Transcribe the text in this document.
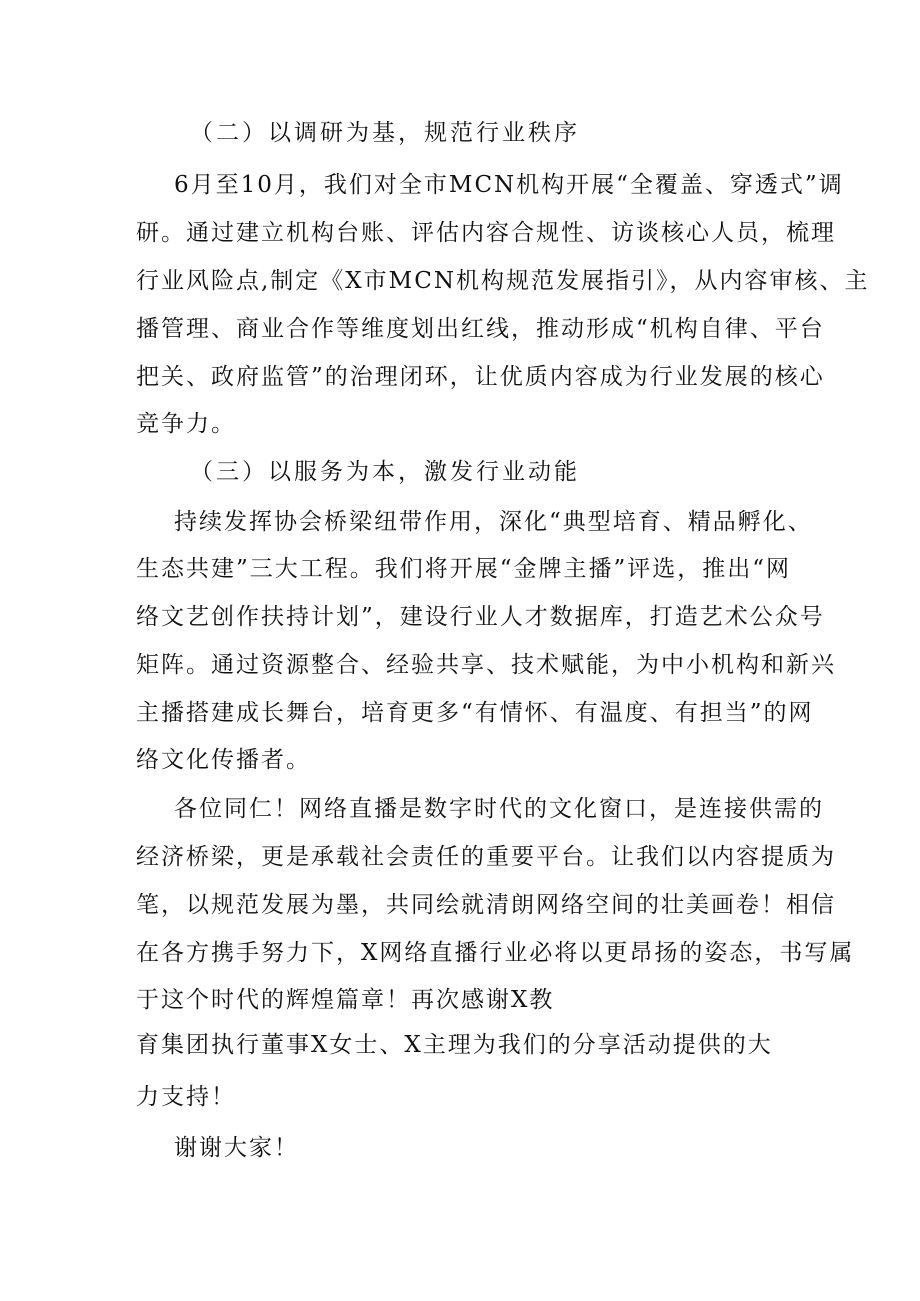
（二）以调研为基，规范行业秩序
6月至10月，我们对全市MCN机构开展“全覆盖、穿透式”调
研。通过建立机构台账、评估内容合规性、访谈核心人员，梳理
行业风险点,制定《X市MCN机构规范发展指引》，从内容审核、主
播管理、商业合作等维度划出红线，推动形成“机构自律、平台
把关、政府监管”的治理闭环，让优质内容成为行业发展的核心
竞争力。
（三）以服务为本，激发行业动能
持续发挥协会桥梁纽带作用，深化“典型培育、精品孵化、
生态共建”三大工程。我们将开展“金牌主播”评选，推出“网
络文艺创作扶持计划”，建设行业人才数据库，打造艺术公众号
矩阵。通过资源整合、经验共享、技术赋能，为中小机构和新兴
主播搭建成长舞台，培育更多“有情怀、有温度、有担当”的网
络文化传播者。
各位同仁！网络直播是数字时代的文化窗口，是连接供需的
经济桥梁，更是承载社会责任的重要平台。让我们以内容提质为
笔，以规范发展为墨，共同绘就清朗网络空间的壮美画卷！相信
在各方携手努力下，X网络直播行业必将以更昂扬的姿态，书写属
于这个时代的辉煌篇章！再次感谢X教
育集团执行董事X女士、X主理为我们的分享活动提供的大
力支持！
谢谢大家！
